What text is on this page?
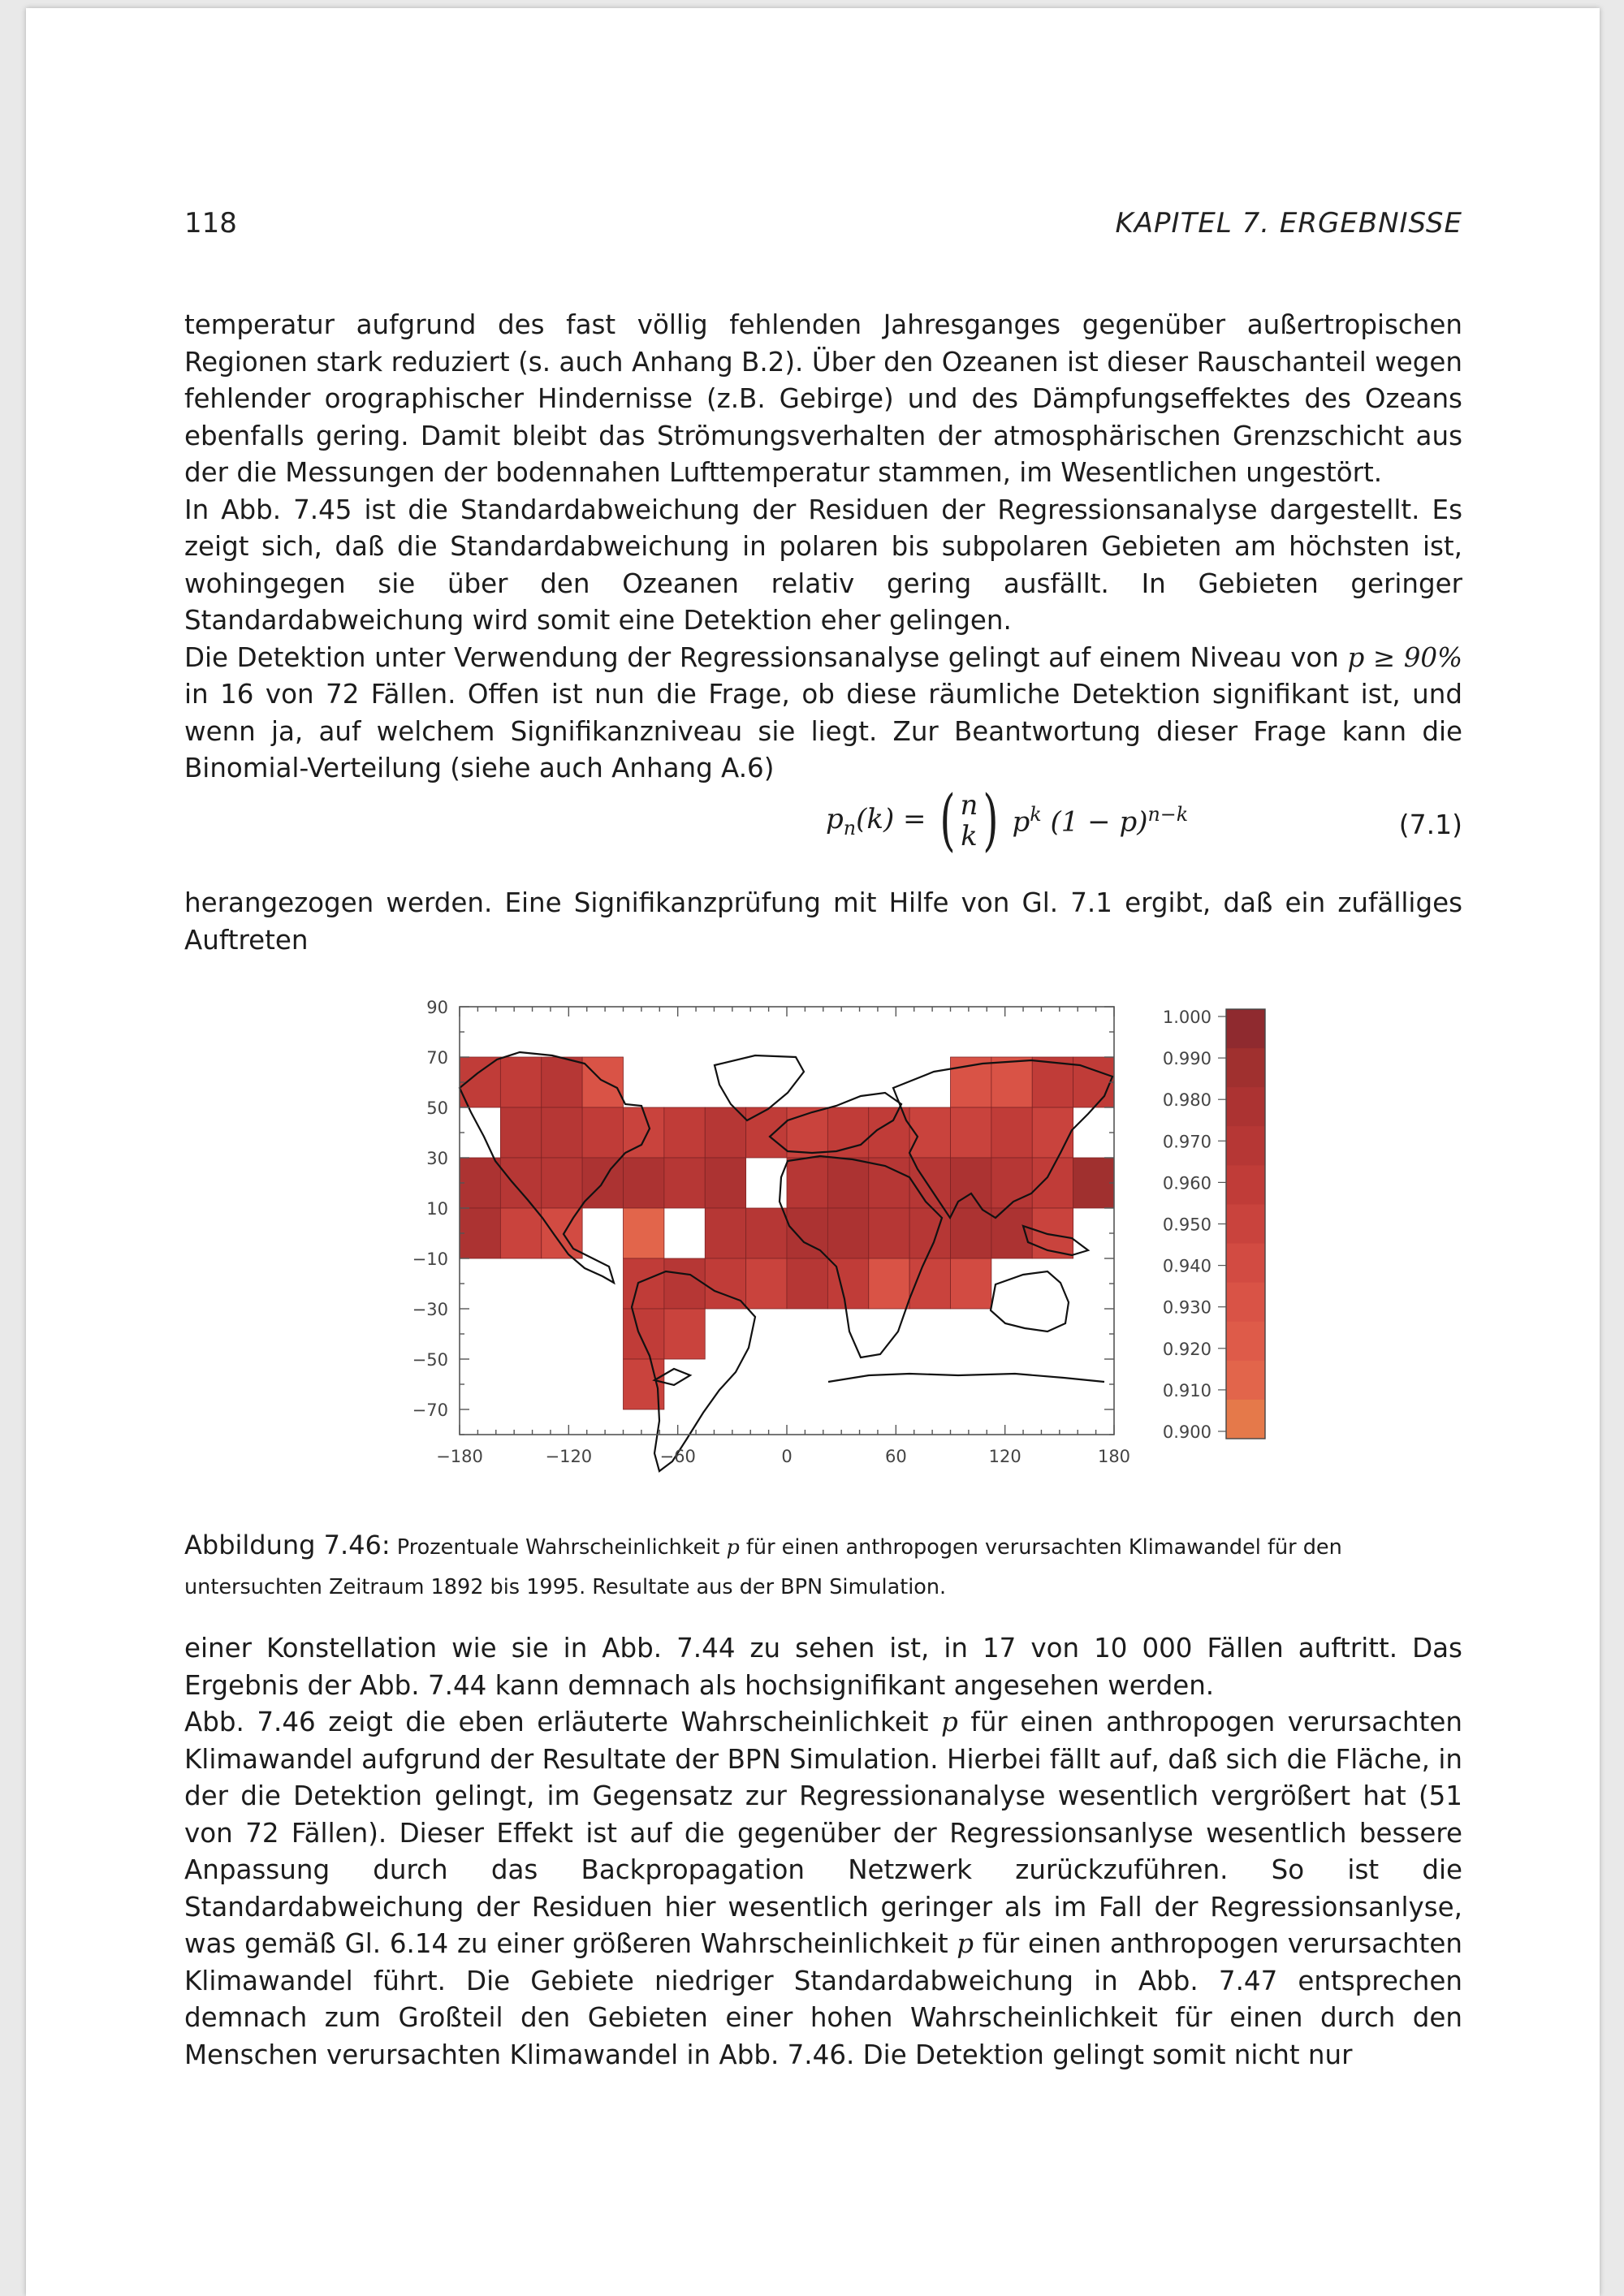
118	KAPITEL 7. ERGEBNISSE

temperatur aufgrund des fast völlig fehlenden Jahresganges gegenüber außertropischen Regionen stark reduziert (s. auch Anhang B.2). Über den Ozeanen ist dieser Rauschanteil wegen fehlender orographischer Hindernisse (z.B. Gebirge) und des Dämpfungseffektes des Ozeans ebenfalls gering. Damit bleibt das Strömungsverhalten der atmosphärischen Grenzschicht aus der die Messungen der bodennahen Lufttemperatur stammen, im Wesentlichen ungestört.

In Abb. 7.45 ist die Standardabweichung der Residuen der Regressionsanalyse dargestellt. Es zeigt sich, daß die Standardabweichung in polaren bis subpolaren Gebieten am höchsten ist, wohingegen sie über den Ozeanen relativ gering ausfällt. In Gebieten geringer Standardabweichung wird somit eine Detektion eher gelingen.

Die Detektion unter Verwendung der Regressionsanalyse gelingt auf einem Niveau von p ≥ 90% in 16 von 72 Fällen. Offen ist nun die Frage, ob diese räumliche Detektion signifikant ist, und wenn ja, auf welchem Signifikanzniveau sie liegt. Zur Beantwortung dieser Frage kann die Binomial-Verteilung (siehe auch Anhang A.6)

$p_n(k)$ = ( n
k ) $p^k$ $(1 - p)^{n-k}$	(7.1)

herangezogen werden. Eine Signifikanzprüfung mit Hilfe von Gl. 7.1 ergibt, daß ein zufälliges Auftreten

−180	−120	−60	0	60	120	180
90
70
50
30
10
−10
−30
−50
−70
1.000
0.990
0.980
0.970
0.960
0.950
0.940
0.930
0.920
0.910
0.900
Abbildung 7.46: Prozentuale Wahrscheinlichkeit p für einen anthropogen verursachten Klimawandel für den untersuchten Zeitraum 1892 bis 1995. Resultate aus der BPN Simulation.

einer Konstellation wie sie in Abb. 7.44 zu sehen ist, in 17 von 10 000 Fällen auftritt. Das Ergebnis der Abb. 7.44 kann demnach als hochsignifikant angesehen werden.

Abb. 7.46 zeigt die eben erläuterte Wahrscheinlichkeit p für einen anthropogen verursachten Klimawandel aufgrund der Resultate der BPN Simulation. Hierbei fällt auf, daß sich die Fläche, in der die Detektion gelingt, im Gegensatz zur Regressionanalyse wesentlich vergrößert hat (51 von 72 Fällen). Dieser Effekt ist auf die gegenüber der Regressionsanlyse wesentlich bessere Anpassung durch das Backpropagation Netzwerk zurückzuführen. So ist die Standardabweichung der Residuen hier wesentlich geringer als im Fall der Regressionsanlyse, was gemäß Gl. 6.14 zu einer größeren Wahrscheinlichkeit p für einen anthropogen verursachten Klimawandel führt. Die Gebiete niedriger Standardabweichung in Abb. 7.47 entsprechen demnach zum Großteil den Gebieten einer hohen Wahrscheinlichkeit für einen durch den Menschen verursachten Klimawandel in Abb. 7.46. Die Detektion gelingt somit nicht nur
